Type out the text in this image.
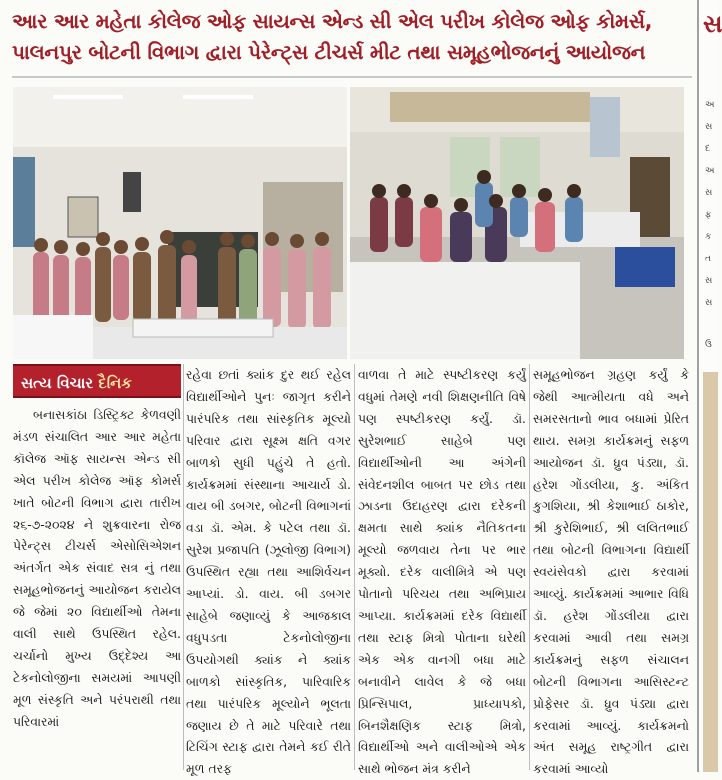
આર આર મહેતા કોલેજ ઓફ સાયન્સ એન્ડ સી એલ પરીખ કોલેજ ઓફ કોમર્સ,
પાલનપુર બોટની વિભાગ દ્વારા પેરેન્ટ્સ ટીચર્સ મીટ તથા સમૂહભોજનનું આયોજન
સ
અ
સ
દ
અ
સ
ફ
ક
ત
સ
સ
ઉ
સત્ય વિચાર દૈનિક

બનાસકાંઠા ડિસ્ટ્રિક્ટ કેળવણી મંડળ સંચાલિત આર આર મહેતા કૉલેજ ઑફ સાયન્સ એન્ડ સી એલ પરીખ કોલેજ ઑફ કોમર્સ ખાતે બોટની વિભાગ દ્વારા તારીખ ૨૬-૭-૨૦૨૪ ને શુક્રવારના રોજ પેરેન્ટ્સ ટીચર્સ એસોસિએશન અંતર્ગત એક સંવાદ સત્ર નું તથા સમૂહભોજનનું આયોજન કરાયેલ જે જેમાં ૨૦ વિદ્યાર્થીઓ તેમના વાલી સાથે ઉપસ્થિત રહેલ. ચર્ચાનો મુખ્ય ઉદ્દેશ્ય આ ટેકનોલોજીના સમયમાં આપણી મૂળ સંસ્કૃતિ અને પરંપરાથી તથા પરિવારમાં

રહેવા છતાં ક્યાંક દુર થઈ રહેલ વિદ્યાર્થીઓને પુનઃ જાગૃત કરીને પારંપરિક તથા સાંસ્કૃતિક મૂલ્યો પરિવાર દ્વારા સૂક્ષ્મ ક્ષતિ વગર બાળકો સુધી પહુંચે તે હતો. કાર્યક્રમમાં સંસ્થાના આચાર્ય ડો. વાય બી ડબગર, બોટની વિભાગનાં વડા ડૉ. એમ. કે પટેલ તથા ડૉ. સુરેશ પ્રજાપતિ (ઝૂલોજી વિભાગ) ઉપસ્થિત રહ્યા તથા આશિર્વચન આપ્યાં. ડો. વાય. બી ડબગર સાહેબે જણાવ્યું કે આજકાલ વધુપડતા ટેકનોલોજીના ઉપયોગથી ક્યાંક ને ક્યાંક બાળકો સાંસ્કૃતિક, પારિવારિક તથા પારંપરિક મૂલ્યોને ભૂલતા જણાય છે તે માટે પરિવારે તથા ટિચિંગ સ્ટાફ દ્વારા તેમને કઈ રીતે મૂળ તરફ

વાળવા તે માટે સ્પષ્ટીકરણ કર્યું વધુમાં તેમણે નવી શિક્ષણનીતિ વિષે પણ સ્પષ્ટીકરણ કર્યું. ડૉ. સુરેશભાઈ સાહેબે પણ વિદ્યાર્થીઓની આ અંગેની સંવેદનશીલ બાબત પર છોડ તથા ઝાડના ઉદાહરણ દ્વારા દરેકની ક્ષમતા સાથે ક્યાંક નૈતિકતના મૂલ્યો જળવાય તેના પર ભાર મૂક્યો. દરેક વાલીમિત્રે એ પણ પોતાનો પરિચય તથા અભિપ્રાય આપ્યા. કાર્યક્રમમાં દરેક વિદ્યાર્થી તથા સ્ટાફ મિત્રો પોતાના ઘરેથી એક એક વાનગી બધા માટે બનાવીને લાવેલ કે જે બધા પ્રિન્સિપાલ, પ્રાધ્યાપકો, બિનશૈક્ષણિક સ્ટાફ મિત્રો, વિદ્યાર્થીઓ અને વાલીઓએ એક સાથે ભોજન મંત્ર કરીને

સમૂહભોજન ગ્રહણ કર્યું કે જેથી આત્મીયતા વધે અને સમરસતાનો ભાવ બધામાં પ્રેરિત થાય. સમગ્ર કાર્યક્રમનું સફળ આયોજન ડૉ. ધ્રુવ પંડ્યા, ડૉ. હરેશ ગોંડલીયા, કુ. અંકિત કુગશિયા, શ્રી કેશાભાઈ ઠાકોર, શ્રી કુરેશિભાઈ, શ્રી લલિતભાઈ તથા બોટની વિભાગના વિદ્યાર્થી સ્વયંસેવકો દ્વારા કરવામાં આવ્યું. કાર્યક્રમમાં આભાર વિધિ ડૉ. હરેશ ગોંડલીયા દ્વારા કરવામાં આવી તથા સમગ્ર કાર્યક્રમનું સફળ સંચાલન બોટની વિભાગના આસિસ્ટન્ટ પ્રોફેસર ડૉ. ધ્રુવ પંડ્યા દ્વારા કરવામાં આવ્યું. કાર્યક્રમનો અંત સમૂહ રાષ્ટ્રગીત દ્વારા કરવામાં આવ્યો
